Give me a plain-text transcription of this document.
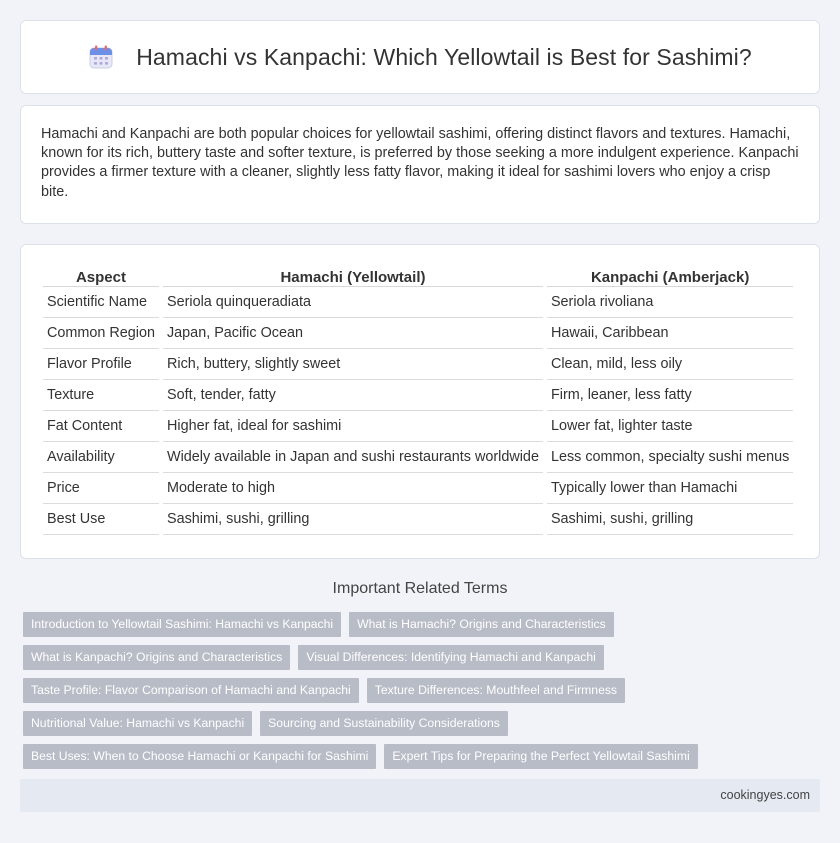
Hamachi vs Kanpachi: Which Yellowtail is Best for Sashimi?

Hamachi and Kanpachi are both popular choices for yellowtail sashimi, offering distinct flavors and textures. Hamachi, known for its rich, buttery taste and softer texture, is preferred by those seeking a more indulgent experience. Kanpachi provides a firmer texture with a cleaner, slightly less fatty flavor, making it ideal for sashimi lovers who enjoy a crisp bite.

Aspect	Hamachi (Yellowtail)	Kanpachi (Amberjack)
Scientific Name	Seriola quinqueradiata	Seriola rivoliana
Common Region	Japan, Pacific Ocean	Hawaii, Caribbean
Flavor Profile	Rich, buttery, slightly sweet	Clean, mild, less oily
Texture	Soft, tender, fatty	Firm, leaner, less fatty
Fat Content	Higher fat, ideal for sashimi	Lower fat, lighter taste
Availability	Widely available in Japan and sushi restaurants worldwide	Less common, specialty sushi menus
Price	Moderate to high	Typically lower than Hamachi
Best Use	Sashimi, sushi, grilling	Sashimi, sushi, grilling
Important Related Terms
Introduction to Yellowtail Sashimi: Hamachi vs Kanpachi	What is Hamachi? Origins and Characteristics
What is Kanpachi? Origins and Characteristics	Visual Differences: Identifying Hamachi and Kanpachi
Taste Profile: Flavor Comparison of Hamachi and Kanpachi	Texture Differences: Mouthfeel and Firmness
Nutritional Value: Hamachi vs Kanpachi	Sourcing and Sustainability Considerations
Best Uses: When to Choose Hamachi or Kanpachi for Sashimi	Expert Tips for Preparing the Perfect Yellowtail Sashimi
cookingyes.com
